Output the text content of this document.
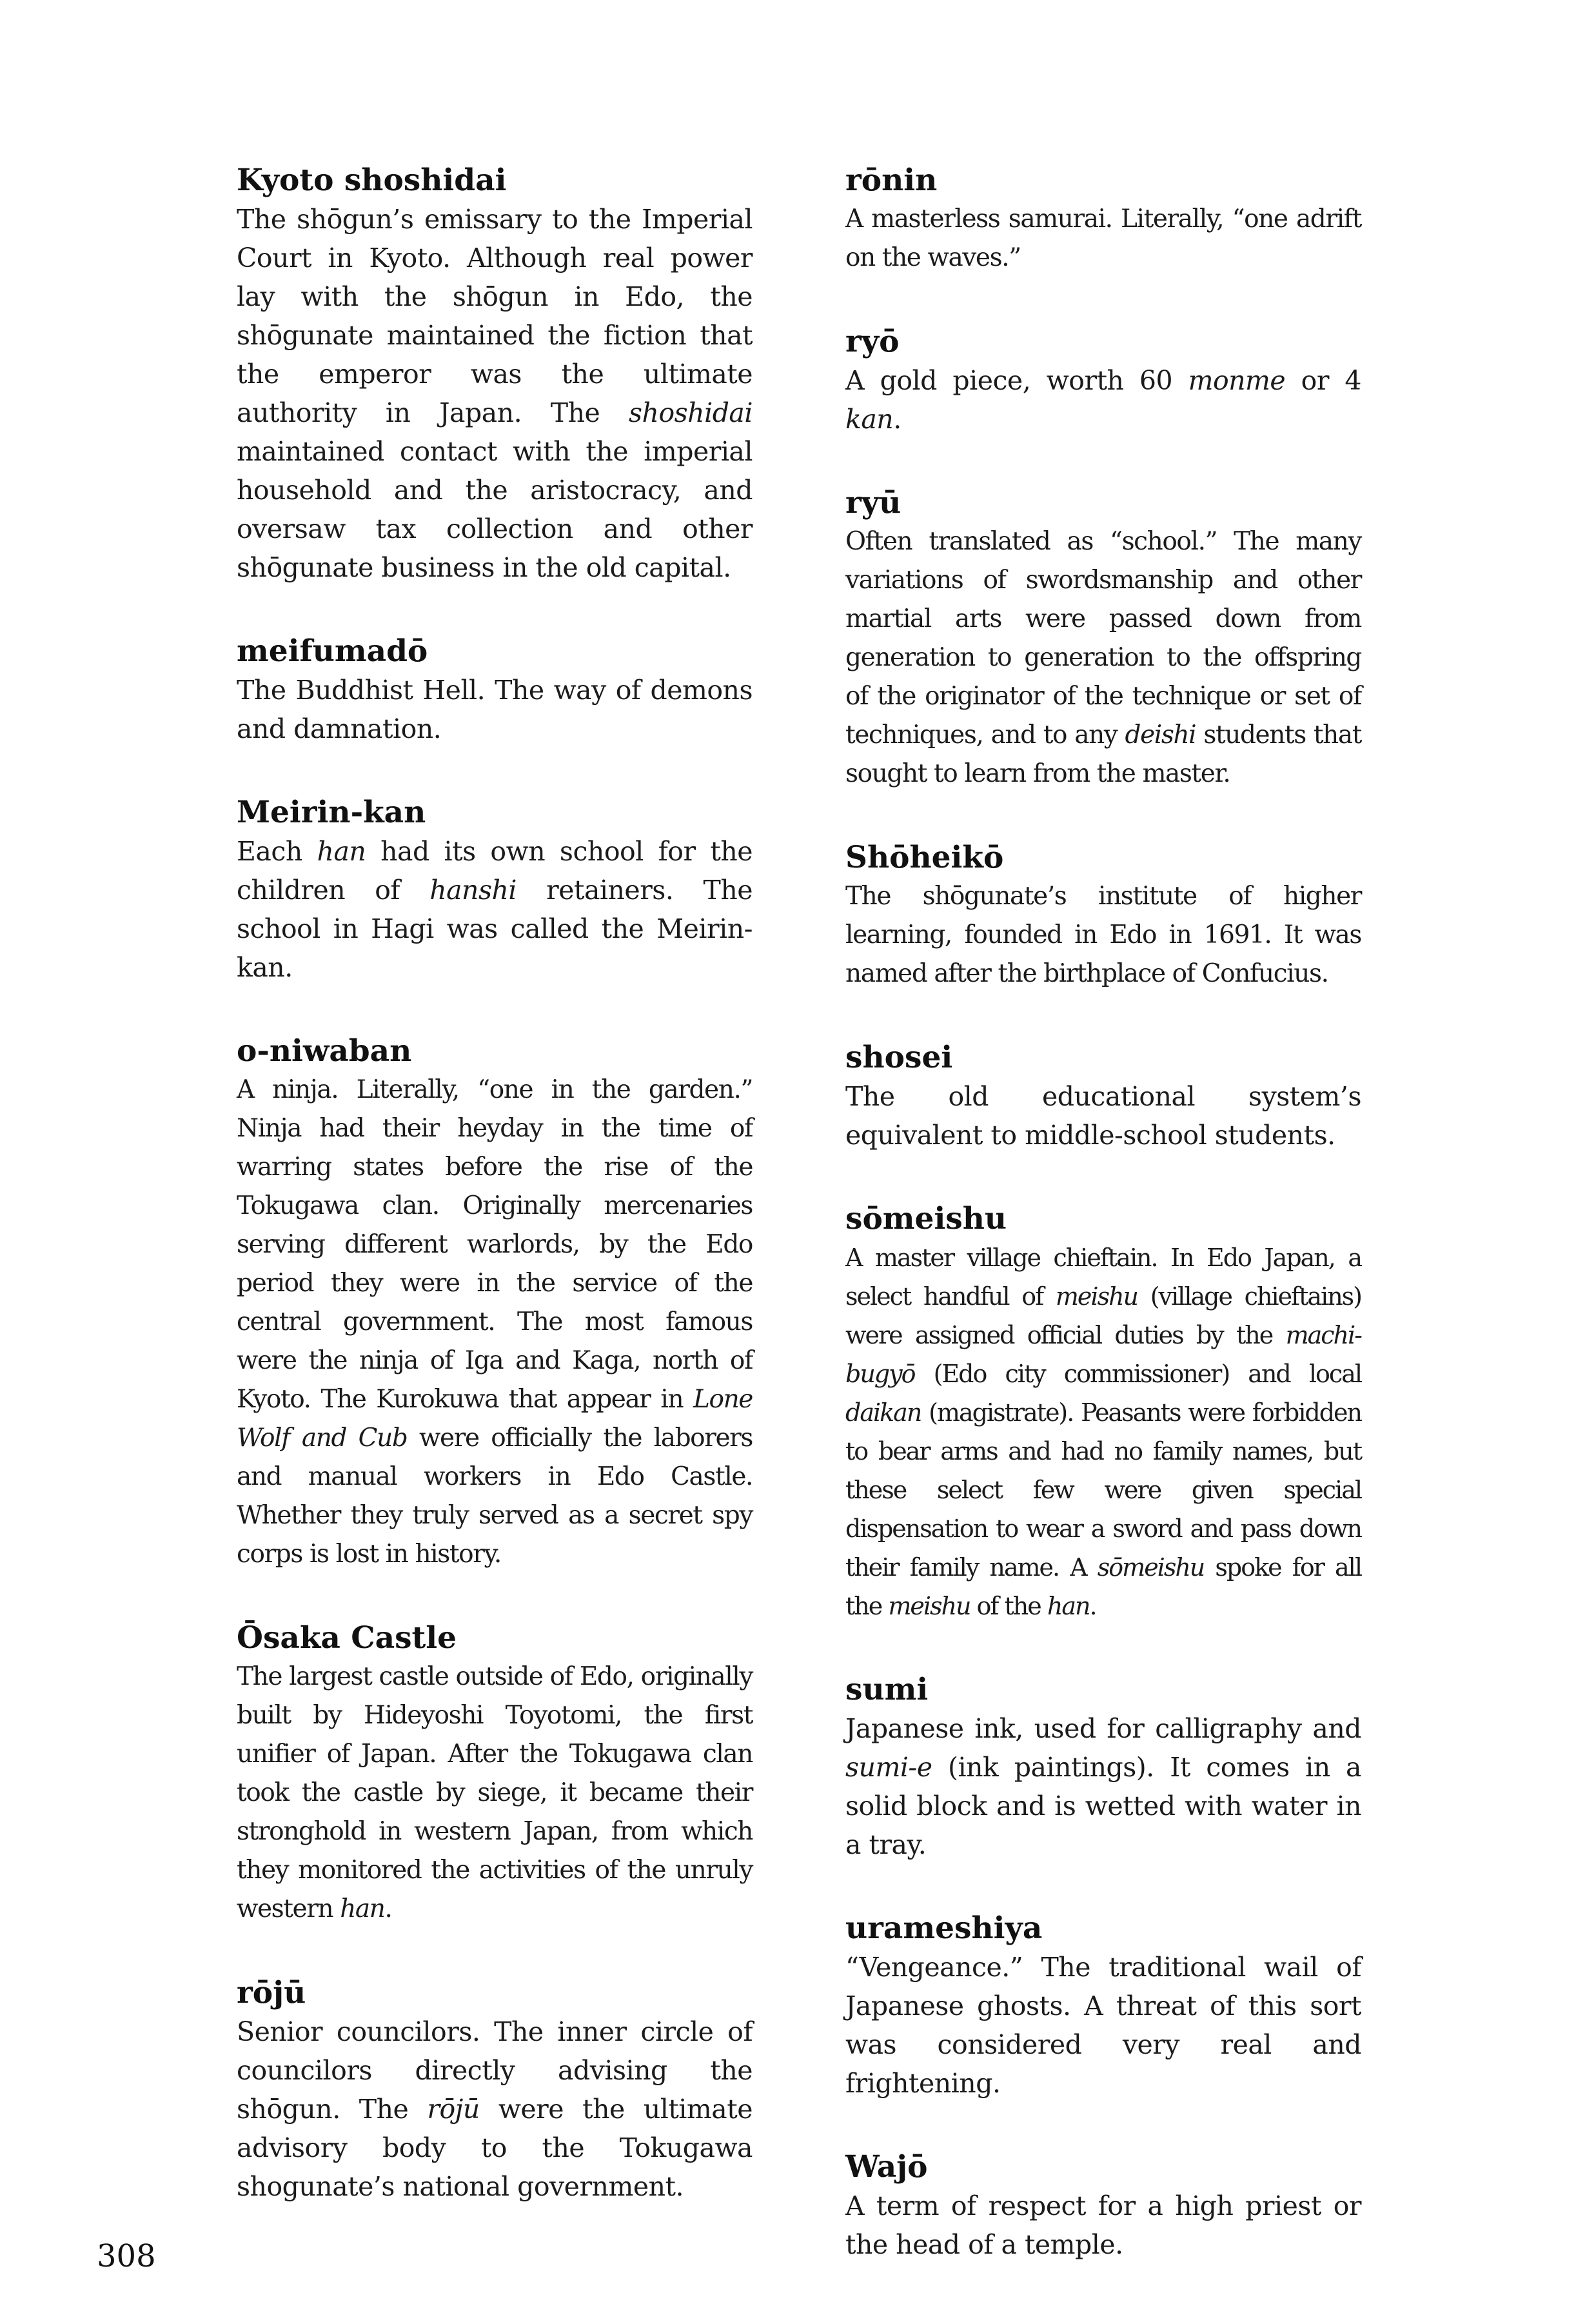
Kyoto shoshidai

The shōgun’s emissary to the Imperial Court in Kyoto. Although real power lay with the shōgun in Edo, the shōgunate maintained the fiction that the emperor was the ultimate authority in Japan. The shoshidai maintained contact with the imperial household and the aristocracy, and oversaw tax collection and other shōgunate business in the old capital.

meifumadō

The Buddhist Hell. The way of demons and damnation.

Meirin-kan

Each han had its own school for the children of hanshi retainers. The school in Hagi was called the Meirin-kan.

o-niwaban

A ninja. Literally, “one in the garden.” Ninja had their heyday in the time of warring states before the rise of the Tokugawa clan. Originally mercenaries serving different warlords, by the Edo period they were in the service of the central government. The most famous were the ninja of Iga and Kaga, north of Kyoto. The Kurokuwa that appear in Lone Wolf and Cub were officially the laborers and manual workers in Edo Castle. Whether they truly served as a secret spy corps is lost in history.

Ōsaka Castle

The largest castle outside of Edo, originally built by Hideyoshi Toyotomi, the first unifier of Japan. After the Tokugawa clan took the castle by siege, it became their stronghold in western Japan, from which they monitored the activities of the unruly western han.

rōjū

Senior councilors. The inner circle of councilors directly advising the shōgun. The rōjū were the ultimate advisory body to the Tokugawa shogunate’s national government.

rōnin

A masterless samurai. Literally, “one adrift on the waves.”

ryō

A gold piece, worth 60 monme or 4 kan.

ryū

Often translated as “school.” The many variations of swordsmanship and other martial arts were passed down from generation to generation to the offspring of the originator of the technique or set of techniques, and to any deishi students that sought to learn from the master.

Shōheikō

The shōgunate’s institute of higher learning, founded in Edo in 1691. It was named after the birthplace of Confucius.

shosei

The old educational system’s equivalent to middle-school students.

sōmeishu

A master village chieftain. In Edo Japan, a select handful of meishu (village chieftains) were assigned official duties by the machi-bugyō (Edo city commissioner) and local daikan (magistrate). Peasants were forbidden to bear arms and had no family names, but these select few were given special dispensation to wear a sword and pass down their family name. A sōmeishu spoke for all the meishu of the han.

sumi

Japanese ink, used for calligraphy and sumi-e (ink paintings). It comes in a solid block and is wetted with water in a tray.

uramеshiya

“Vengeance.” The traditional wail of Japanese ghosts. A threat of this sort was considered very real and frightening.

Wajō

A term of respect for a high priest or the head of a temple.

308
